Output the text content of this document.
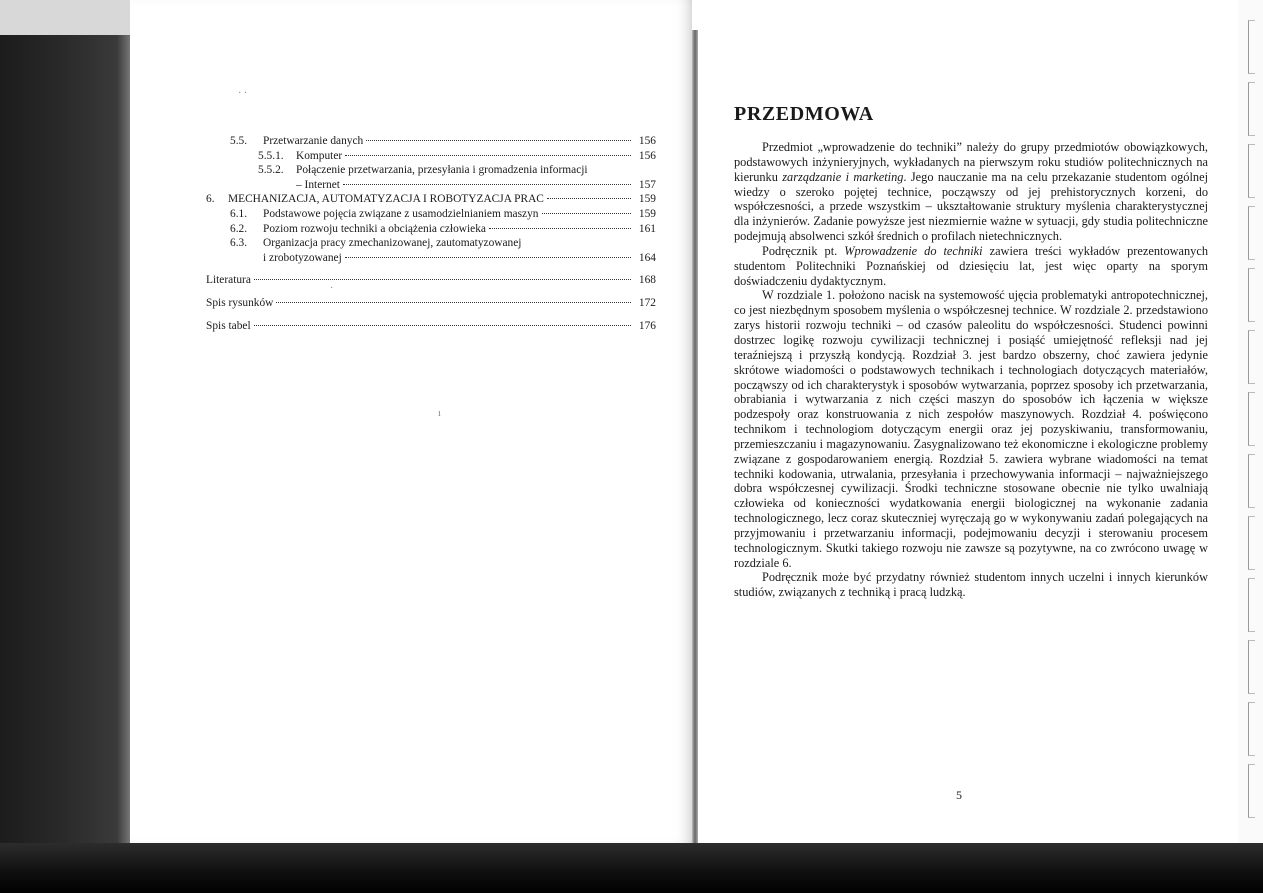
· ·
5.5.	Przetwarzanie danych	156
5.5.1.	Komputer	156
5.5.2.	Połączenie przetwarzania, przesyłania i gromadzenia informacji
– Internet	157
6.	MECHANIZACJA, AUTOMATYZACJA I ROBOTYZACJA PRAC	159
6.1.	Podstawowe pojęcia związane z usamodzielnianiem maszyn	159
6.2.	Poziom rozwoju techniki a obciążenia człowieka	161
6.3.	Organizacja pracy zmechanizowanej, zautomatyzowanej
i zrobotyzowanej	164
Literatura	168
Spis rysunków	172
Spis tabel	176
ı
·
PRZEDMOWA

Przedmiot „wprowadzenie do techniki” należy do grupy przedmiotów obowiązkowych, podstawowych inżynieryjnych, wykładanych na pierwszym roku studiów politechnicznych na kierunku zarządzanie i marketing. Jego nauczanie ma na celu przekazanie studentom ogólnej wiedzy o szeroko pojętej technice, począwszy od jej prehistorycznych korzeni, do współczesności, a przede wszystkim – ukształtowanie struktury myślenia charakterystycznej dla inżynierów. Zadanie powyższe jest niezmiernie ważne w sytuacji, gdy studia politechniczne podejmują absolwenci szkół średnich o profilach nietechnicznych.

Podręcznik pt. Wprowadzenie do techniki zawiera treści wykładów prezentowanych studentom Politechniki Poznańskiej od dziesięciu lat, jest więc oparty na sporym doświadczeniu dydaktycznym.

W rozdziale 1. położono nacisk na systemowość ujęcia problematyki antropotechnicznej, co jest niezbędnym sposobem myślenia o współczesnej technice. W rozdziale 2. przedstawiono zarys historii rozwoju techniki – od czasów paleolitu do współczesności. Studenci powinni dostrzec logikę rozwoju cywilizacji technicznej i posiąść umiejętność refleksji nad jej teraźniejszą i przyszłą kondycją. Rozdział 3. jest bardzo obszerny, choć zawiera jedynie skrótowe wiadomości o podstawowych technikach i technologiach dotyczących materiałów, począwszy od ich charakterystyk i sposobów wytwarzania, poprzez sposoby ich przetwarzania, obrabiania i wytwarzania z nich części maszyn do sposobów ich łączenia w większe podzespoły oraz konstruowania z nich zespołów maszynowych. Rozdział 4. poświęcono technikom i technologiom dotyczącym energii oraz jej pozyskiwaniu, transformowaniu, przemieszczaniu i magazynowaniu. Zasygnalizowano też ekonomiczne i ekologiczne problemy związane z gospodarowaniem energią. Rozdział 5. zawiera wybrane wiadomości na temat techniki kodowania, utrwalania, przesyłania i przechowywania informacji – najważniejszego dobra współczesnej cywilizacji. Środki techniczne stosowane obecnie nie tylko uwalniają człowieka od konieczności wydatkowania energii biologicznej na wykonanie zadania technologicznego, lecz coraz skuteczniej wyręczają go w wykonywaniu zadań polegających na przyjmowaniu i przetwarzaniu informacji, podejmowaniu decyzji i sterowaniu procesem technologicznym. Skutki takiego rozwoju nie zawsze są pozytywne, na co zwrócono uwagę w rozdziale 6.

Podręcznik może być przydatny również studentom innych uczelni i innych kierunków studiów, związanych z techniką i pracą ludzką.

5
